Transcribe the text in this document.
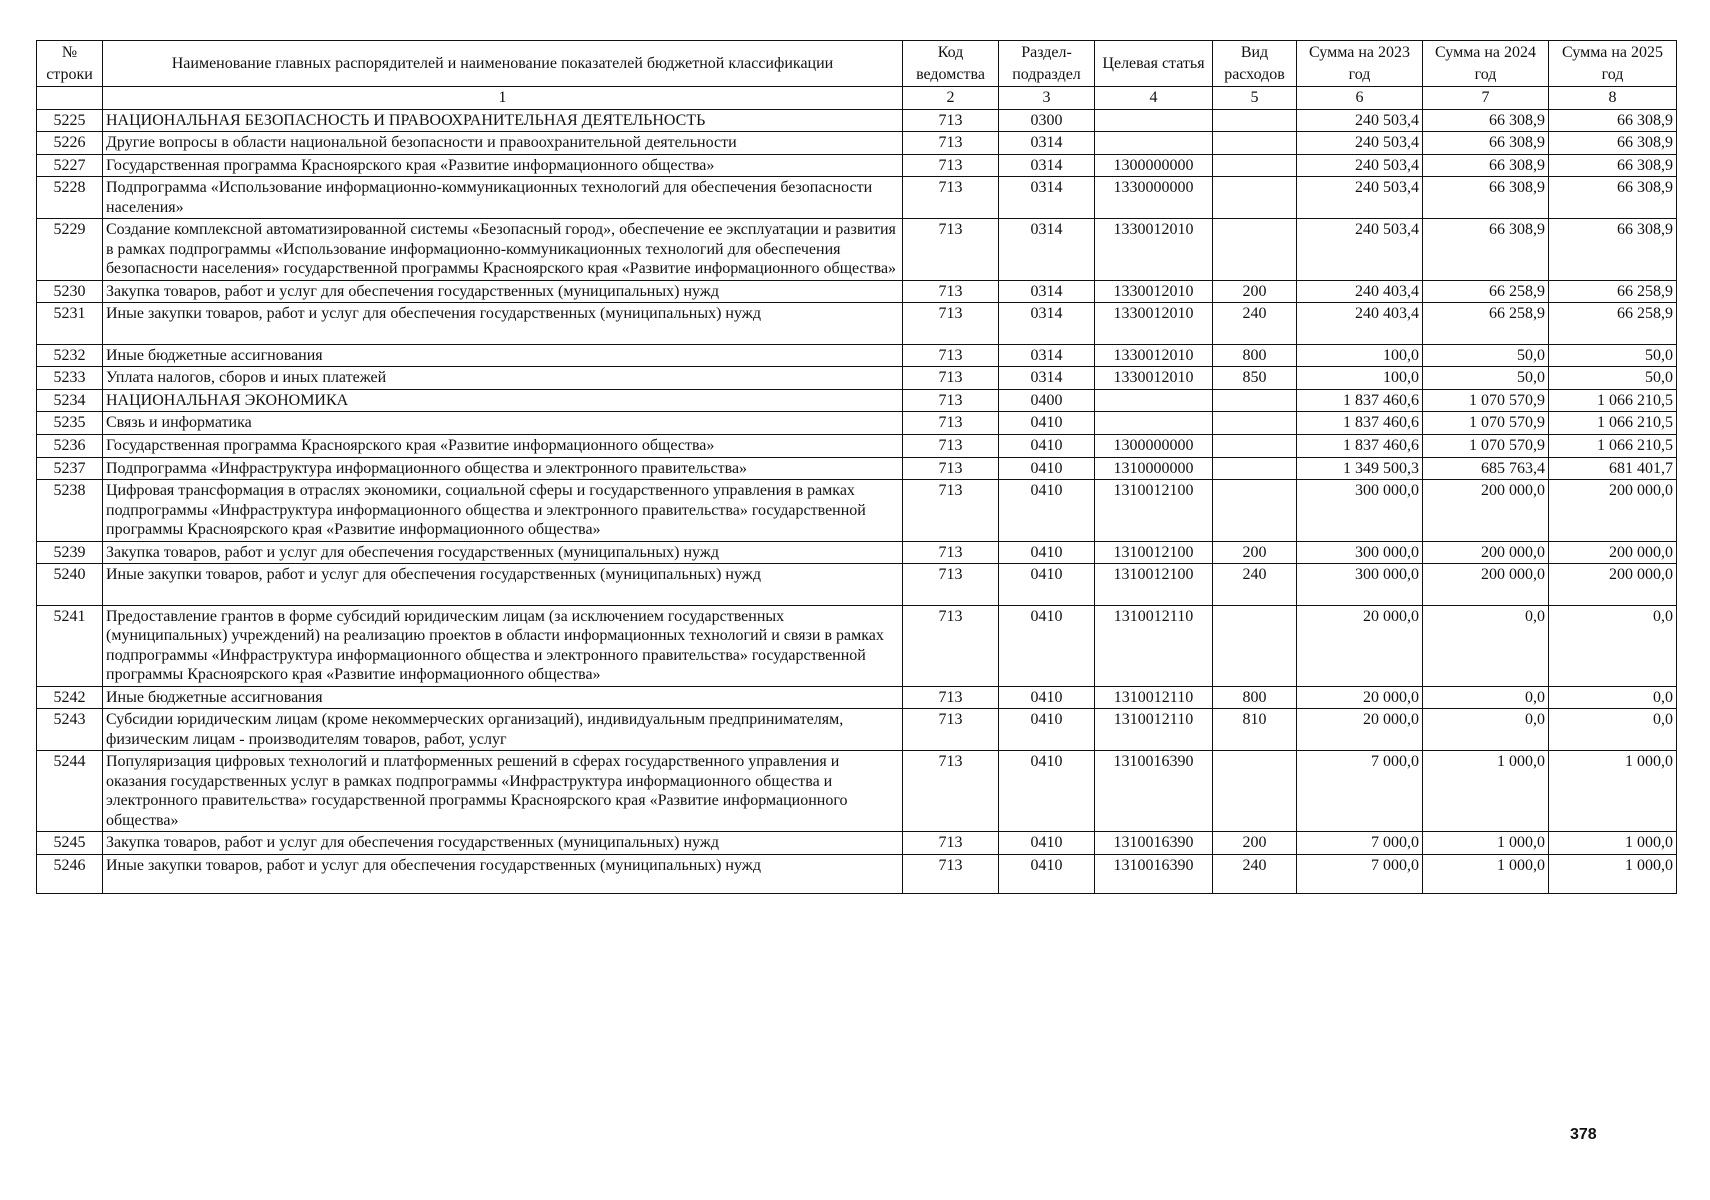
№ строки	Наименование главных распорядителей и наименование показателей бюджетной классификации	Код ведомства	Раздел-подраздел	Целевая статья	Вид расходов	Сумма на 2023 год	Сумма на 2024 год	Сумма на 2025 год
	1	2	3	4	5	6	7	8
5225	НАЦИОНАЛЬНАЯ БЕЗОПАСНОСТЬ И ПРАВООХРАНИТЕЛЬНАЯ ДЕЯТЕЛЬНОСТЬ	713	0300			240 503,4	66 308,9	66 308,9
5226	Другие вопросы в области национальной безопасности и правоохранительной деятельности	713	0314			240 503,4	66 308,9	66 308,9
5227	Государственная программа Красноярского края «Развитие информационного общества»	713	0314	1300000000		240 503,4	66 308,9	66 308,9
5228	Подпрограмма «Использование информационно-коммуникационных технологий для обеспечения безопасности населения»	713	0314	1330000000		240 503,4	66 308,9	66 308,9
5229	Создание комплексной автоматизированной системы «Безопасный город», обеспечение ее эксплуатации и развития в рамках подпрограммы «Использование информационно-коммуникационных технологий для обеспечения безопасности населения» государственной программы Красноярского края «Развитие информационного общества»	713	0314	1330012010		240 503,4	66 308,9	66 308,9
5230	Закупка товаров, работ и услуг для обеспечения государственных (муниципальных) нужд	713	0314	1330012010	200	240 403,4	66 258,9	66 258,9
5231	Иные закупки товаров, работ и услуг для обеспечения государственных (муниципальных) нужд	713	0314	1330012010	240	240 403,4	66 258,9	66 258,9
5232	Иные бюджетные ассигнования	713	0314	1330012010	800	100,0	50,0	50,0
5233	Уплата налогов, сборов и иных платежей	713	0314	1330012010	850	100,0	50,0	50,0
5234	НАЦИОНАЛЬНАЯ ЭКОНОМИКА	713	0400			1 837 460,6	1 070 570,9	1 066 210,5
5235	Связь и информатика	713	0410			1 837 460,6	1 070 570,9	1 066 210,5
5236	Государственная программа Красноярского края «Развитие информационного общества»	713	0410	1300000000		1 837 460,6	1 070 570,9	1 066 210,5
5237	Подпрограмма «Инфраструктура информационного общества и электронного правительства»	713	0410	1310000000		1 349 500,3	685 763,4	681 401,7
5238	Цифровая трансформация в отраслях экономики, социальной сферы и государственного управления в рамках подпрограммы «Инфраструктура информационного общества и электронного правительства» государственной программы Красноярского края «Развитие информационного общества»	713	0410	1310012100		300 000,0	200 000,0	200 000,0
5239	Закупка товаров, работ и услуг для обеспечения государственных (муниципальных) нужд	713	0410	1310012100	200	300 000,0	200 000,0	200 000,0
5240	Иные закупки товаров, работ и услуг для обеспечения государственных (муниципальных) нужд	713	0410	1310012100	240	300 000,0	200 000,0	200 000,0
5241	Предоставление грантов в форме субсидий юридическим лицам (за исключением государственных (муниципальных) учреждений) на реализацию проектов в области информационных технологий и связи в рамках подпрограммы «Инфраструктура информационного общества и электронного правительства» государственной программы Красноярского края «Развитие информационного общества»	713	0410	1310012110		20 000,0	0,0	0,0
5242	Иные бюджетные ассигнования	713	0410	1310012110	800	20 000,0	0,0	0,0
5243	Субсидии юридическим лицам (кроме некоммерческих организаций), индивидуальным предпринимателям, физическим лицам - производителям товаров, работ, услуг	713	0410	1310012110	810	20 000,0	0,0	0,0
5244	Популяризация цифровых технологий и платформенных решений в сферах государственного управления и оказания государственных услуг в рамках подпрограммы «Инфраструктура информационного общества и электронного правительства» государственной программы Красноярского края «Развитие информационного общества»	713	0410	1310016390		7 000,0	1 000,0	1 000,0
5245	Закупка товаров, работ и услуг для обеспечения государственных (муниципальных) нужд	713	0410	1310016390	200	7 000,0	1 000,0	1 000,0
5246	Иные закупки товаров, работ и услуг для обеспечения государственных (муниципальных) нужд	713	0410	1310016390	240	7 000,0	1 000,0	1 000,0
378
